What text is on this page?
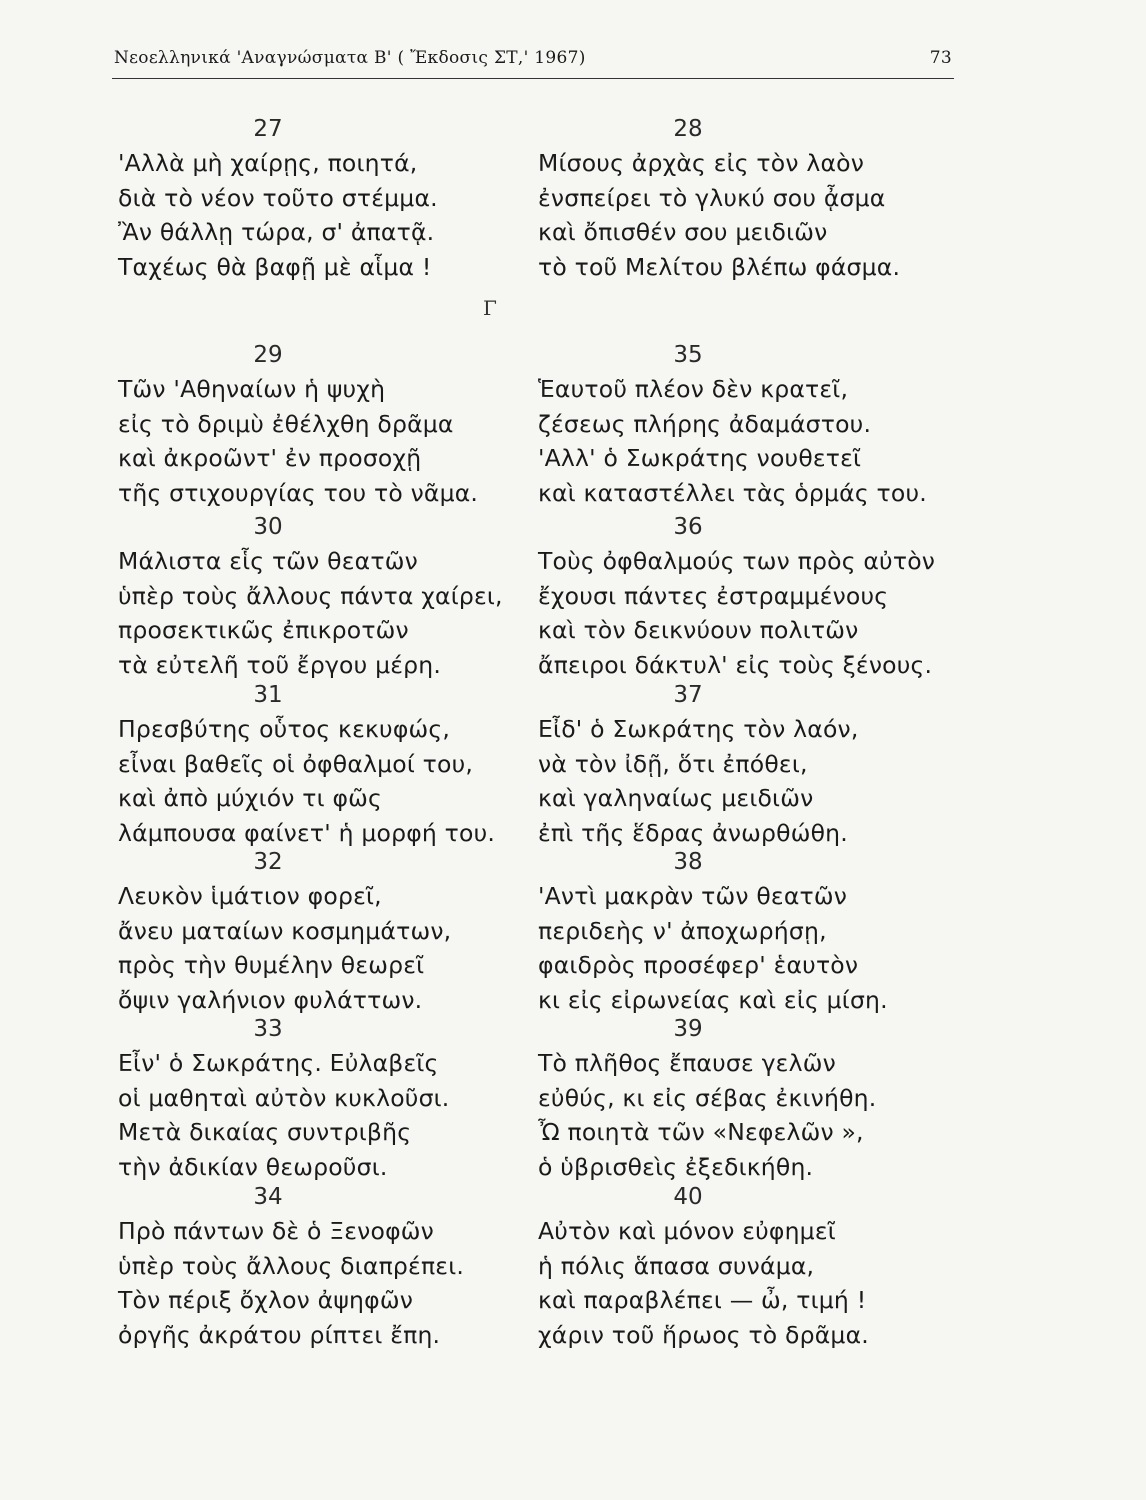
Νεοελληνικά 'Αναγνώσματα Β' ( Ἔκδοσις ΣΤ,' 1967)	73
Γ
27
'Αλλὰ μὴ χαίρῃς, ποιητά,
διὰ τὸ νέον τοῦτο στέμμα.
Ἂν θάλλῃ τώρα, σ' ἀπατᾷ.
Ταχέως θὰ βαφῇ μὲ αἷμα !
29
Τῶν 'Αθηναίων ἡ ψυχὴ
εἰς τὸ δριμὺ ἐθέλχθη δρᾶμα
καὶ ἀκροῶντ' ἐν προσοχῇ
τῆς στιχουργίας του τὸ νᾶμα.
30
Μάλιστα εἷς τῶν θεατῶν
ὑπὲρ τοὺς ἄλλους πάντα χαίρει,
προσεκτικῶς ἐπικροτῶν
τὰ εὐτελῆ τοῦ ἔργου μέρη.
31
Πρεσβύτης οὗτος κεκυφώς,
εἶναι βαθεῖς οἱ ὀφθαλμοί του,
καὶ ἀπὸ μύχιόν τι φῶς
λάμπουσα φαίνετ' ἡ μορφή του.
32
Λευκὸν ἱμάτιον φορεῖ,
ἄνευ ματαίων κοσμημάτων,
πρὸς τὴν θυμέλην θεωρεῖ
ὄψιν γαλήνιον φυλάττων.
33
Εἶν' ὁ Σωκράτης. Εὐλαβεῖς
οἱ μαθηταὶ αὐτὸν κυκλοῦσι.
Μετὰ δικαίας συντριβῆς
τὴν ἀδικίαν θεωροῦσι.
34
Πρὸ πάντων δὲ ὁ Ξενοφῶν
ὑπὲρ τοὺς ἄλλους διαπρέπει.
Τὸν πέριξ ὄχλον ἀψηφῶν
ὀργῆς ἀκράτου ρίπτει ἔπη.
28
Μίσους ἀρχὰς εἰς τὸν λαὸν
ἐνσπείρει τὸ γλυκύ σου ᾆσμα
καὶ ὄπισθέν σου μειδιῶν
τὸ τοῦ Μελίτου βλέπω φάσμα.
35
Ἑαυτοῦ πλέον δὲν κρατεῖ,
ζέσεως πλήρης ἀδαμάστου.
'Αλλ' ὁ Σωκράτης νουθετεῖ
καὶ καταστέλλει τὰς ὁρμάς του.
36
Τοὺς ὀφθαλμούς των πρὸς αὐτὸν
ἔχουσι πάντες ἐστραμμένους
καὶ τὸν δεικνύουν πολιτῶν
ἄπειροι δάκτυλ' εἰς τοὺς ξένους.
37
Εἶδ' ὁ Σωκράτης τὸν λαόν,
νὰ τὸν ἰδῇ, ὅτι ἐπόθει,
καὶ γαληναίως μειδιῶν
ἐπὶ τῆς ἕδρας ἀνωρθώθη.
38
'Αντὶ μακρὰν τῶν θεατῶν
περιδεὴς ν' ἀποχωρήσῃ,
φαιδρὸς προσέφερ' ἑαυτὸν
κι εἰς εἰρωνείας καὶ εἰς μίση.
39
Τὸ πλῆθος ἔπαυσε γελῶν
εὐθύς, κι εἰς σέβας ἐκινήθη.
Ὦ ποιητὰ τῶν «Νεφελῶν »,
ὁ ὑβρισθεὶς ἐξεδικήθη.
40
Αὐτὸν καὶ μόνον εὐφημεῖ
ἡ πόλις ἅπασα συνάμα,
καὶ παραβλέπει — ὦ, τιμή !
χάριν τοῦ ἥρωος τὸ δρᾶμα.
